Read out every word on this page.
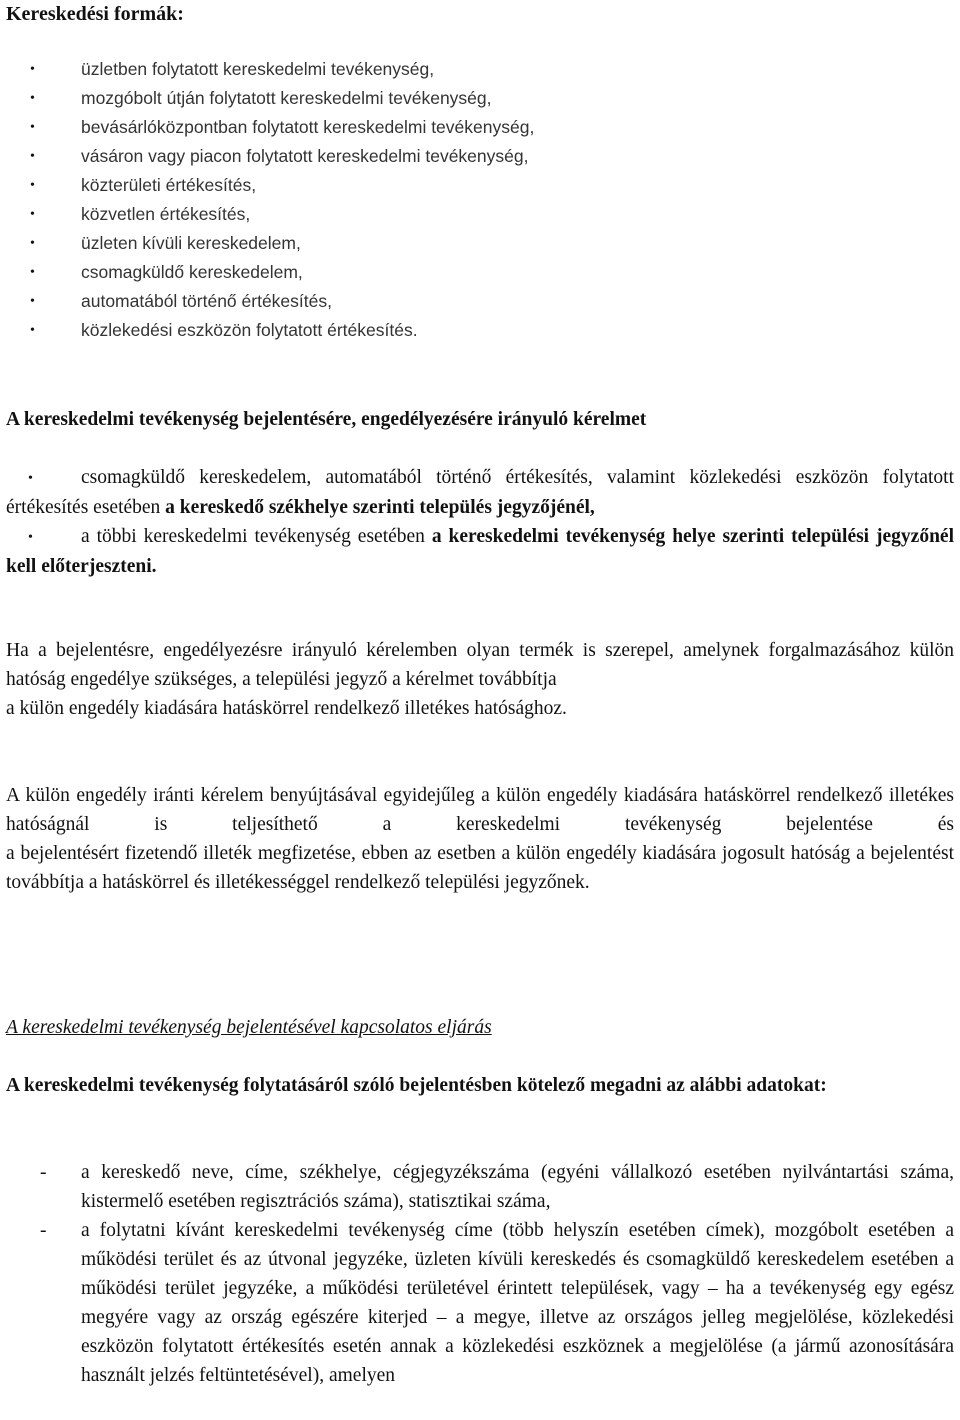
Kereskedési formák:
•	üzletben folytatott kereskedelmi tevékenység,
•	mozgóbolt útján folytatott kereskedelmi tevékenység,
•	bevásárlóközpontban folytatott kereskedelmi tevékenység,
•	vásáron vagy piacon folytatott kereskedelmi tevékenység,
•	közterületi értékesítés,
•	közvetlen értékesítés,
•	üzleten kívüli kereskedelem,
•	csomagküldő kereskedelem,
•	automatából történő értékesítés,
•	közlekedési eszközön folytatott értékesítés.
A kereskedelmi tevékenység bejelentésére, engedélyezésére irányuló kérelmet
• csomagküldő kereskedelem, automatából történő értékesítés, valamint közlekedési eszközön folytatott értékesítés esetében a kereskedő székhelye szerinti település jegyzőjénél,
• a többi kereskedelmi tevékenység esetében a kereskedelmi tevékenység helye szerinti települési jegyzőnél kell előterjeszteni.
Ha a bejelentésre, engedélyezésre irányuló kérelemben olyan termék is szerepel, amelynek forgalmazásához külön hatóság engedélye szükséges, a települési jegyző a kérelmet továbbítja
a külön engedély kiadására hatáskörrel rendelkező illetékes hatósághoz.
A külön engedély iránti kérelem benyújtásával egyidejűleg a külön engedély kiadására hatáskörrel rendelkező illetékes hatóságnál is teljesíthető a kereskedelmi tevékenység bejelentése és
a bejelentésért fizetendő illeték megfizetése, ebben az esetben a külön engedély kiadására jogosult hatóság a bejelentést továbbítja a hatáskörrel és illetékességgel rendelkező települési jegyzőnek.
A kereskedelmi tevékenység bejelentésével kapcsolatos eljárás
A kereskedelmi tevékenység folytatásáról szóló bejelentésben kötelező megadni az alábbi adatokat:
- a kereskedő neve, címe, székhelye, cégjegyzékszáma (egyéni vállalkozó esetében nyilvántartási száma, kistermelő esetében regisztrációs száma), statisztikai száma,
- a folytatni kívánt kereskedelmi tevékenység címe (több helyszín esetében címek), mozgóbolt esetében a működési terület és az útvonal jegyzéke, üzleten kívüli kereskedés és csomagküldő kereskedelem esetében a működési terület jegyzéke, a működési területével érintett települések, vagy – ha a tevékenység egy egész megyére vagy az ország egészére kiterjed – a megye, illetve az országos jelleg megjelölése, közlekedési eszközön folytatott értékesítés esetén annak a közlekedési eszköznek a megjelölése (a jármű azonosítására használt jelzés feltüntetésével), amelyen
